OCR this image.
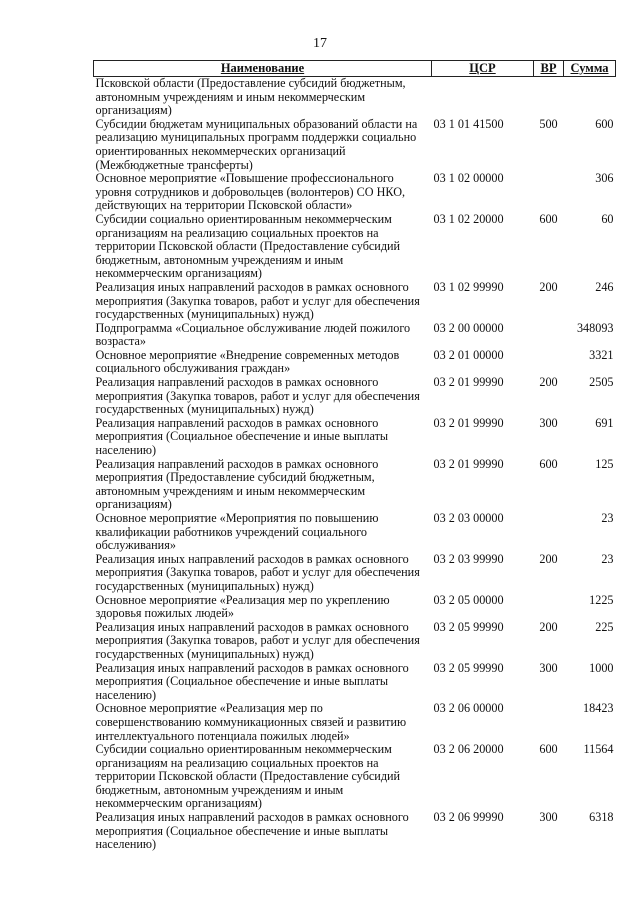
17
Наименование	ЦСР	ВР	Сумма
Псковской области (Предоставление субсидий бюджетным, автономным учреждениям и иным некоммерческим организациям)			
Субсидии бюджетам муниципальных образований области на реализацию муниципальных программ поддержки социально ориентированных некоммерческих организаций (Межбюджетные трансферты)	03 1 01 41500	500	600
Основное мероприятие «Повышение профессионального уровня сотрудников и добровольцев (волонтеров) СО НКО, действующих на территории Псковской области»	03 1 02 00000		306
Субсидии социально ориентированным некоммерческим организациям на реализацию социальных проектов на территории Псковской области (Предоставление субсидий бюджетным, автономным учреждениям и иным некоммерческим организациям)	03 1 02 20000	600	60
Реализация иных направлений расходов в рамках основного мероприятия (Закупка товаров, работ и услуг для обеспечения государственных (муниципальных) нужд)	03 1 02 99990	200	246
Подпрограмма «Социальное обслуживание людей пожилого возраста»	03 2 00 00000		348093
Основное мероприятие «Внедрение современных методов социального обслуживания граждан»	03 2 01 00000		3321
Реализация направлений расходов в рамках основного мероприятия (Закупка товаров, работ и услуг для обеспечения государственных (муниципальных) нужд)	03 2 01 99990	200	2505
Реализация направлений расходов в рамках основного мероприятия (Социальное обеспечение и иные выплаты населению)	03 2 01 99990	300	691
Реализация направлений расходов в рамках основного мероприятия (Предоставление субсидий бюджетным, автономным учреждениям и иным некоммерческим организациям)	03 2 01 99990	600	125
Основное мероприятие «Мероприятия по повышению квалификации работников учреждений социального обслуживания»	03 2 03 00000		23
Реализация иных направлений расходов в рамках основного мероприятия (Закупка товаров, работ и услуг для обеспечения государственных (муниципальных) нужд)	03 2 03 99990	200	23
Основное мероприятие «Реализация мер по укреплению здоровья пожилых людей»	03 2 05 00000		1225
Реализация иных направлений расходов в рамках основного мероприятия (Закупка товаров, работ и услуг для обеспечения государственных (муниципальных) нужд)	03 2 05 99990	200	225
Реализация иных направлений расходов в рамках основного мероприятия (Социальное обеспечение и иные выплаты населению)	03 2 05 99990	300	1000
Основное мероприятие «Реализация мер по совершенствованию коммуникационных связей и развитию интеллектуального потенциала пожилых людей»	03 2 06 00000		18423
Субсидии социально ориентированным некоммерческим организациям на реализацию социальных проектов на территории Псковской области (Предоставление субсидий бюджетным, автономным учреждениям и иным некоммерческим организациям)	03 2 06 20000	600	11564
Реализация иных направлений расходов в рамках основного мероприятия (Социальное обеспечение и иные выплаты населению)	03 2 06 99990	300	6318
